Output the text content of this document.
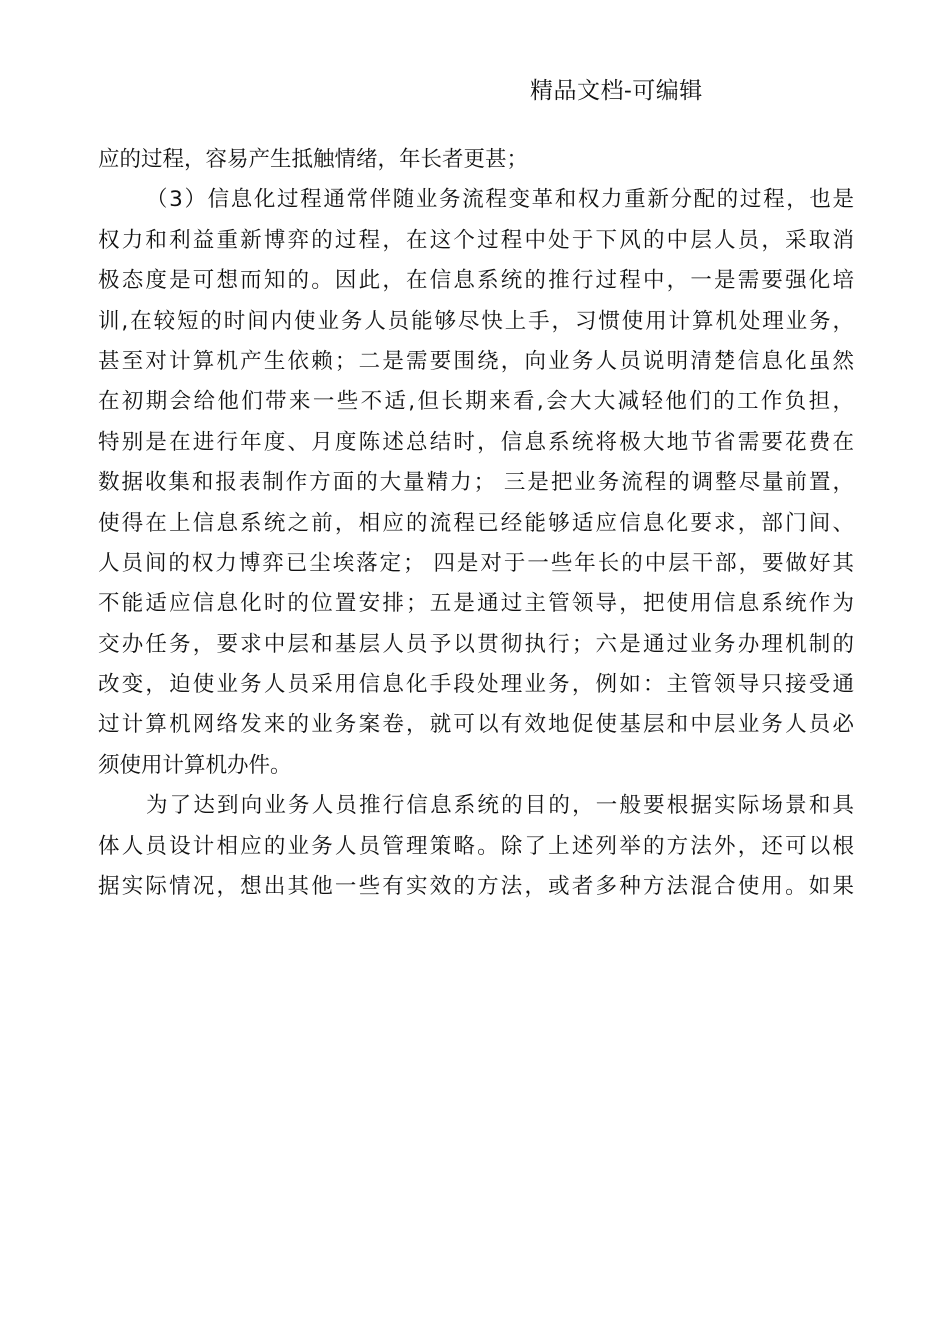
精品文档-可编辑
应的过程，容易产生抵触情绪，年长者更甚；
（3）信息化过程通常伴随业务流程变革和权力重新分配的过程，也是
权力和利益重新博弈的过程，在这个过程中处于下风的中层人员，采取消
极态度是可想而知的。因此，在信息系统的推行过程中，一是需要强化培
训,在较短的时间内使业务人员能够尽快上手，习惯使用计算机处理业务，
甚至对计算机产生依赖；二是需要围绕，向业务人员说明清楚信息化虽然
在初期会给他们带来一些不适,但长期来看,会大大减轻他们的工作负担，
特别是在进行年度、月度陈述总结时，信息系统将极大地节省需要花费在
数据收集和报表制作方面的大量精力； 三是把业务流程的调整尽量前置，
使得在上信息系统之前，相应的流程已经能够适应信息化要求，部门间、
人员间的权力博弈已尘埃落定； 四是对于一些年长的中层干部，要做好其
不能适应信息化时的位置安排；五是通过主管领导，把使用信息系统作为
交办任务，要求中层和基层人员予以贯彻执行；六是通过业务办理机制的
改变，迫使业务人员采用信息化手段处理业务，例如：主管领导只接受通
过计算机网络发来的业务案卷，就可以有效地促使基层和中层业务人员必
须使用计算机办件。
为了达到向业务人员推行信息系统的目的，一般要根据实际场景和具
体人员设计相应的业务人员管理策略。除了上述列举的方法外，还可以根
据实际情况，想出其他一些有实效的方法，或者多种方法混合使用。如果
